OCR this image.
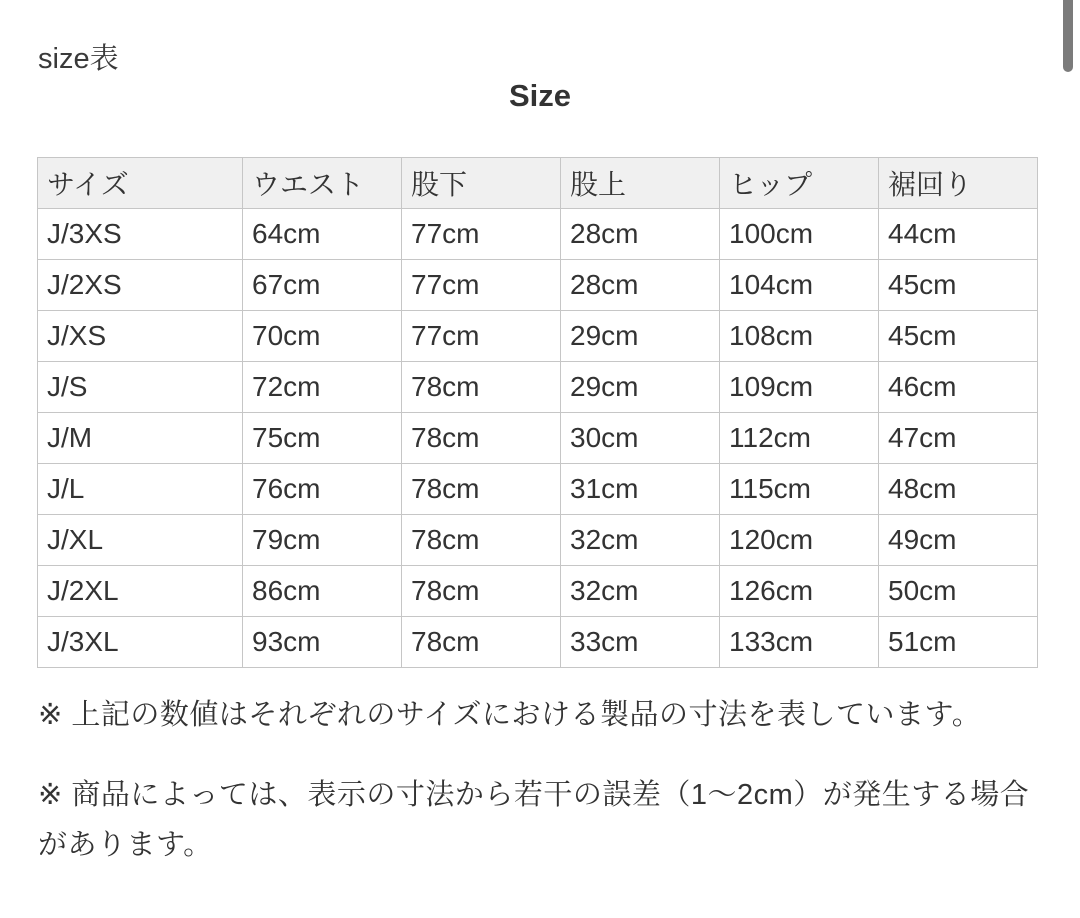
size表
Size
サイズ	ウエスト	股下	股上	ヒップ	裾回り
J/3XS	64cm	77cm	28cm	100cm	44cm
J/2XS	67cm	77cm	28cm	104cm	45cm
J/XS	70cm	77cm	29cm	108cm	45cm
J/S	72cm	78cm	29cm	109cm	46cm
J/M	75cm	78cm	30cm	112cm	47cm
J/L	76cm	78cm	31cm	115cm	48cm
J/XL	79cm	78cm	32cm	120cm	49cm
J/2XL	86cm	78cm	32cm	126cm	50cm
J/3XL	93cm	78cm	33cm	133cm	51cm

※ 上記の数値はそれぞれのサイズにおける製品の寸法を表しています。

※ 商品によっては、表示の寸法から若干の誤差（1〜2cm）が発生する場合があります。
